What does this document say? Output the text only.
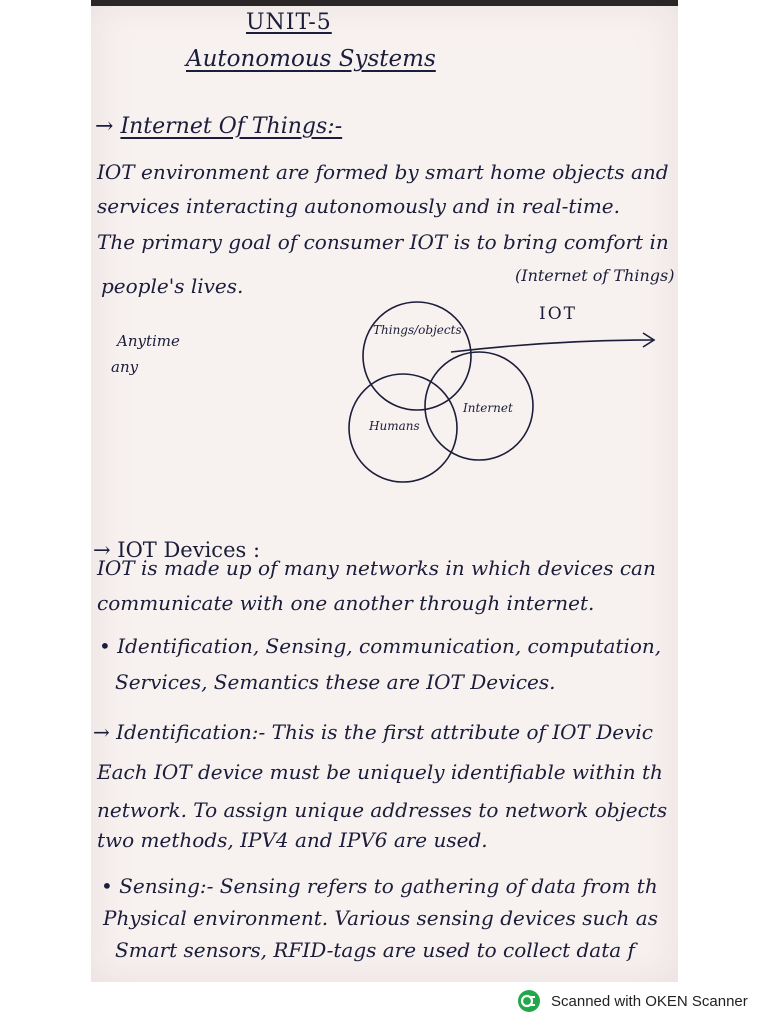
UNIT-5
Autonomous Systems
→ Internet Of Things:-
IOT environment are formed by smart home objects and
services interacting autonomously and in real-time.
The primary goal of consumer IOT is to bring comfort in
people's lives.	(Internet of Things)
IOT
Anytime
any
Things/objects
Humans
Internet
→ IOT Devices :
IOT is made up of many networks in which devices can
communicate with one another through internet.
• Identification, Sensing, communication, computation,
Services, Semantics these are IOT Devices.
→ Identification:- This is the first attribute of IOT Devic
Each IOT device must be uniquely identifiable within th
network. To assign unique addresses to network objects
two methods, IPV4 and IPV6 are used.
• Sensing:- Sensing refers to gathering of data from th
Physical environment. Various sensing devices such as
Smart sensors, RFID-tags are used to collect data f
Scanned with OKEN Scanner
